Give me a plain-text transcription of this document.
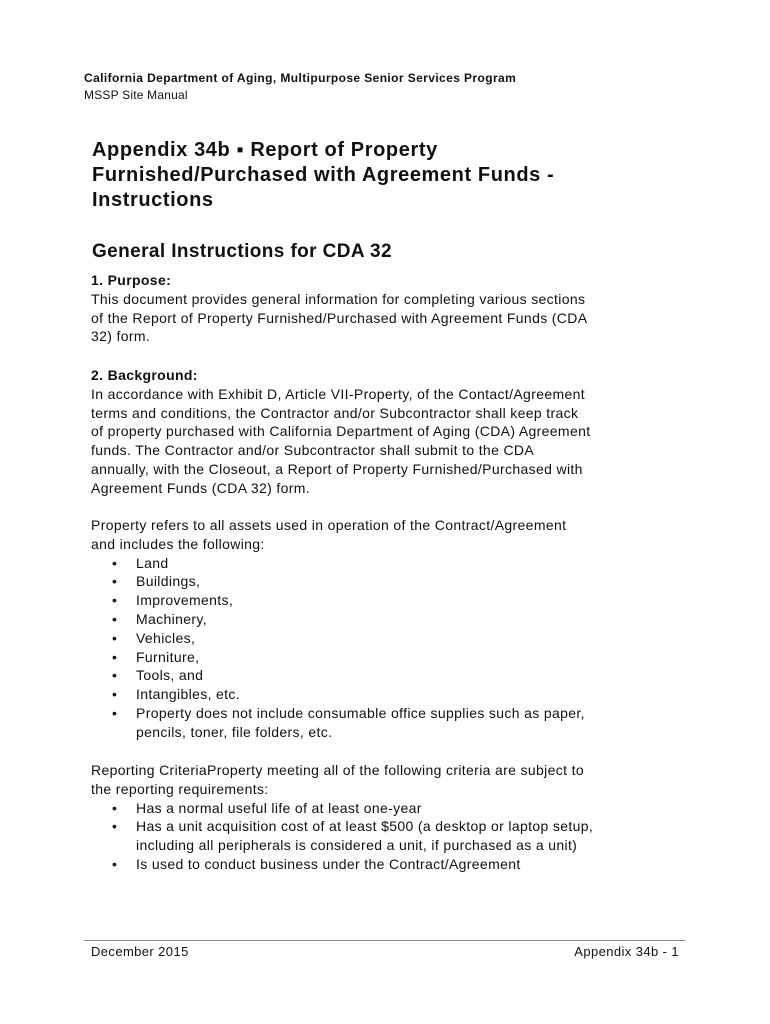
California Department of Aging, Multipurpose Senior Services Program
MSSP Site Manual
Appendix 34b ▪ Report of Property
Furnished/Purchased with Agreement Funds -
Instructions
General Instructions for CDA 32
1. Purpose:
This document provides general information for completing various sections
of the Report of Property Furnished/Purchased with Agreement Funds (CDA
32) form.
2. Background:
In accordance with Exhibit D, Article VII-Property, of the Contact/Agreement
terms and conditions, the Contractor and/or Subcontractor shall keep track
of property purchased with California Department of Aging (CDA) Agreement
funds. The Contractor and/or Subcontractor shall submit to the CDA
annually, with the Closeout, a Report of Property Furnished/Purchased with
Agreement Funds (CDA 32) form.
Property refers to all assets used in operation of the Contract/Agreement
and includes the following:
• Land
• Buildings,
• Improvements,
• Machinery,
• Vehicles,
• Furniture,
• Tools, and
• Intangibles, etc.
• Property does not include consumable office supplies such as paper,
pencils, toner, file folders, etc.
Reporting CriteriaProperty meeting all of the following criteria are subject to
the reporting requirements:
• Has a normal useful life of at least one-year
• Has a unit acquisition cost of at least $500 (a desktop or laptop setup,
including all peripherals is considered a unit, if purchased as a unit)
• Is used to conduct business under the Contract/Agreement
December 2015	Appendix 34b - 1
